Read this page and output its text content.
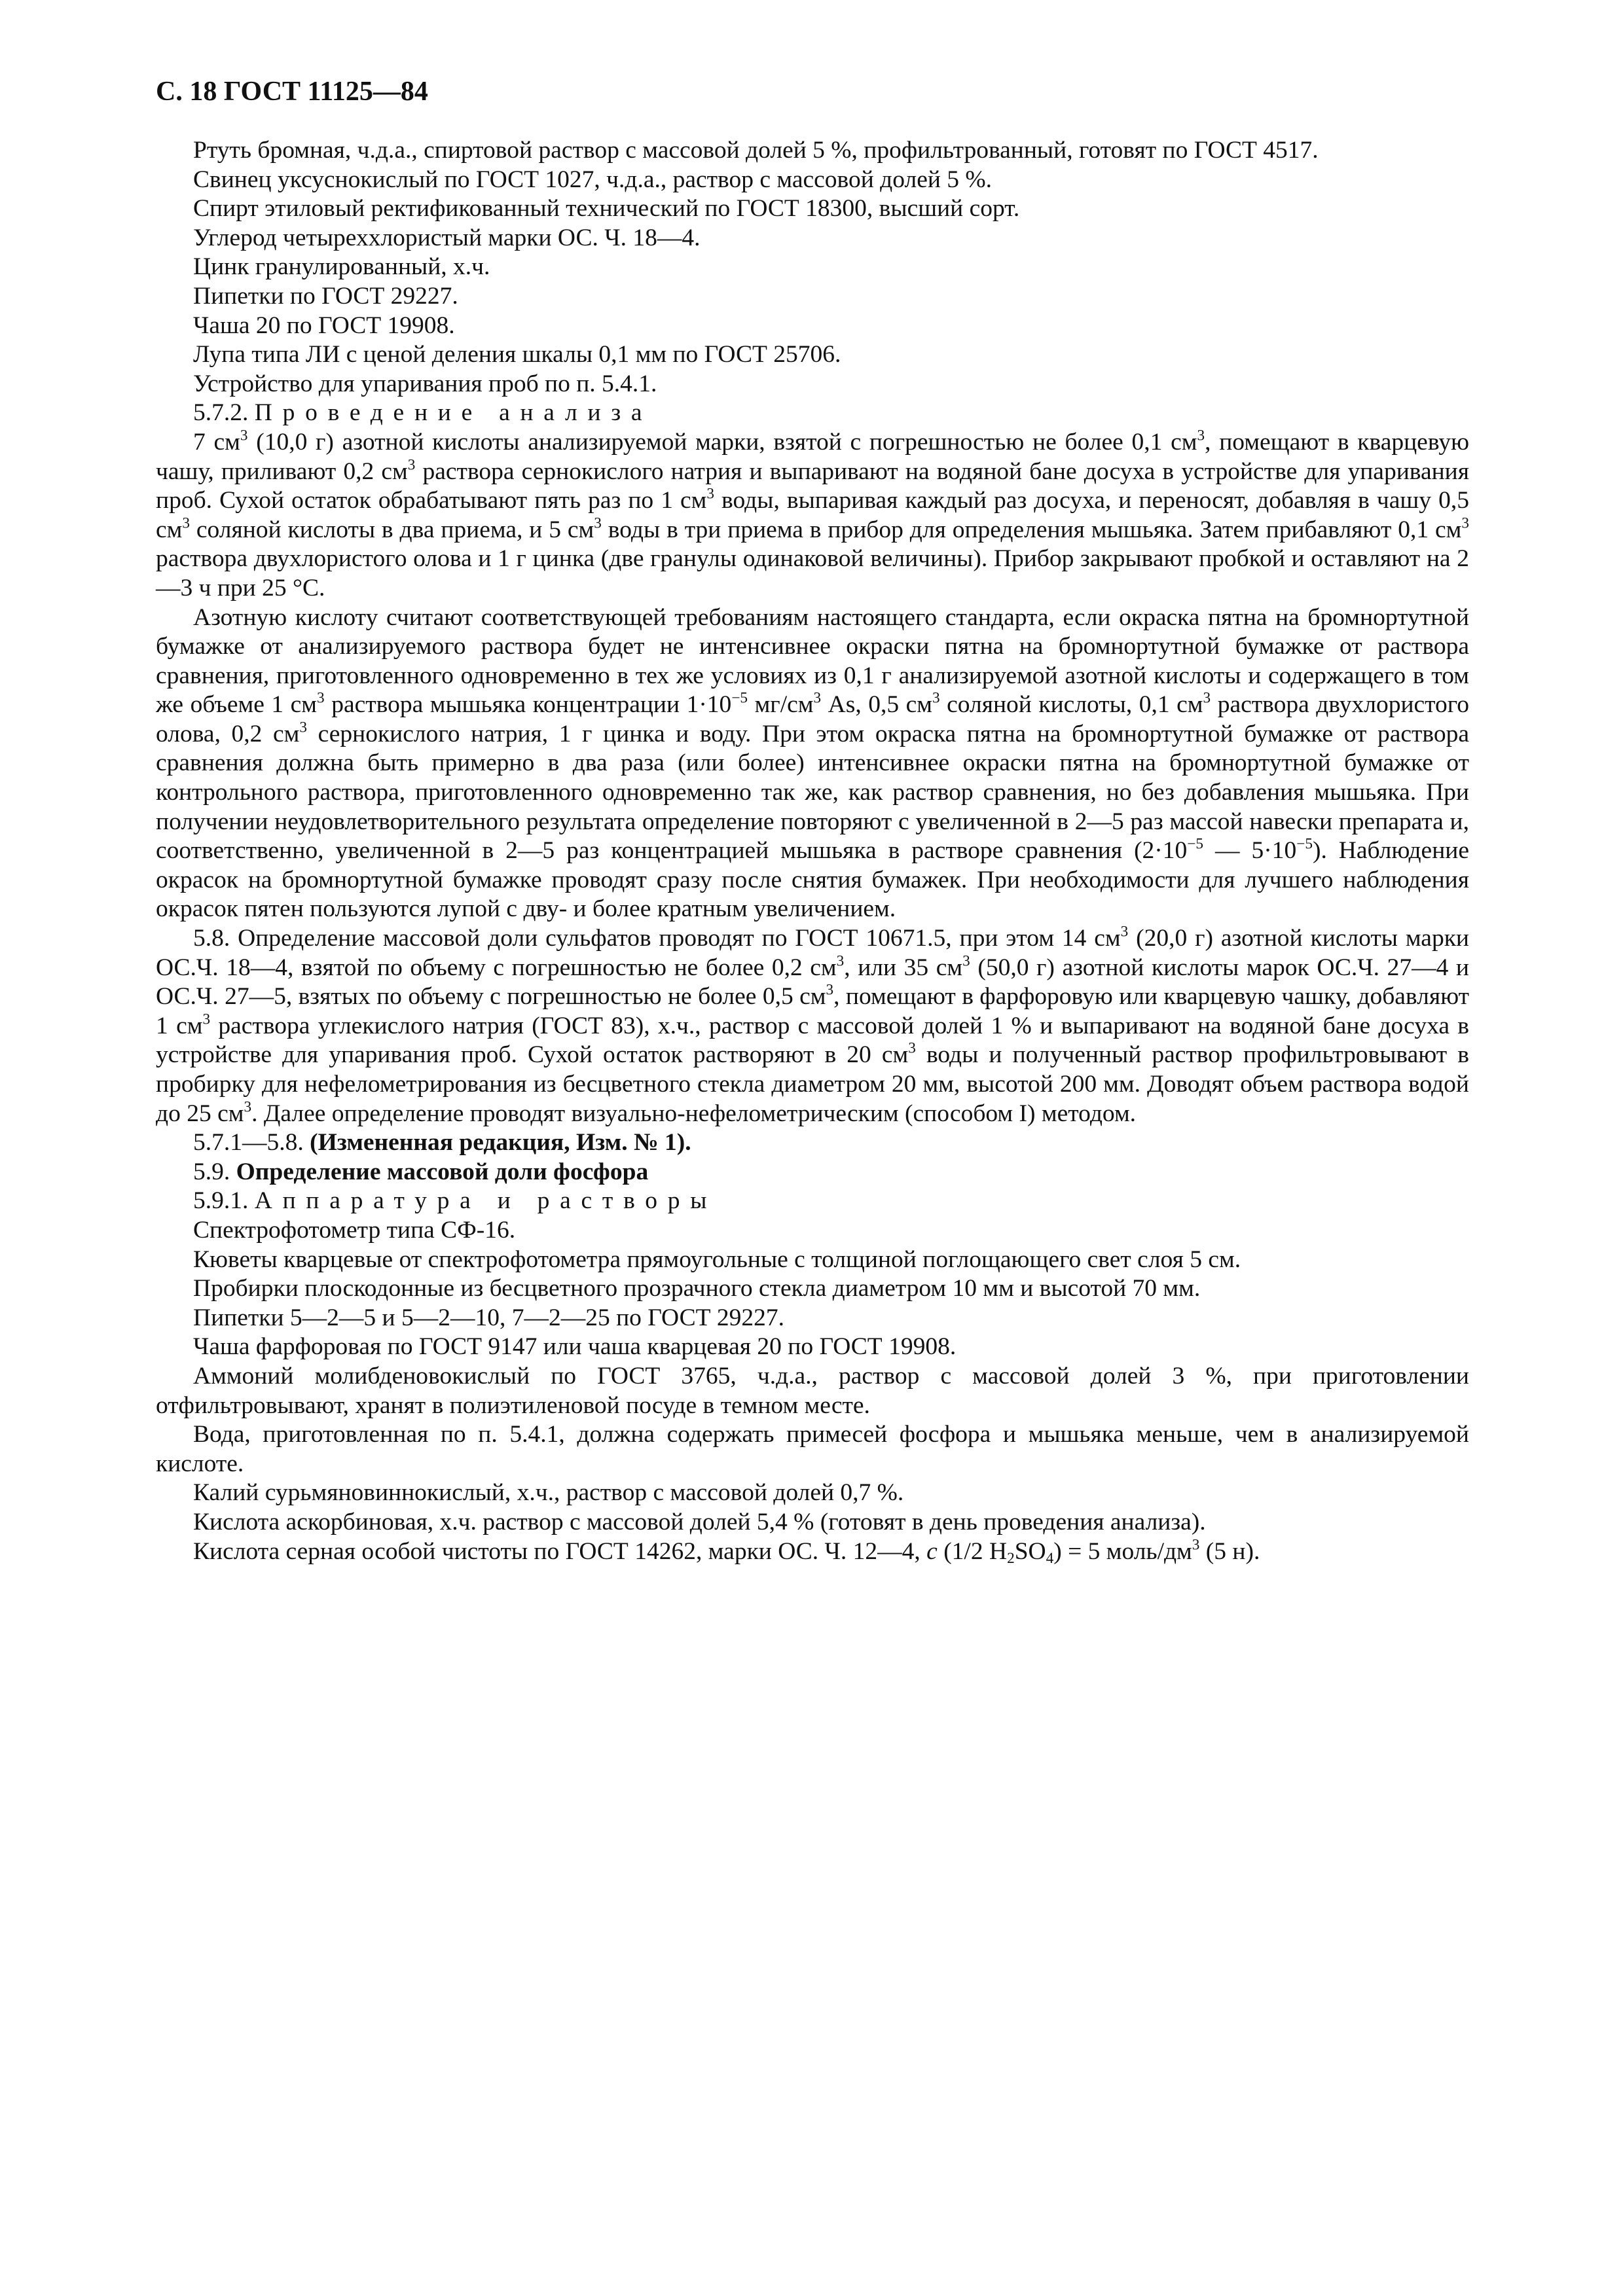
С. 18 ГОСТ 11125—84

Ртуть бромная, ч.д.а., спиртовой раствор с массовой долей 5 %, профильтрованный, готовят по ГОСТ 4517.

Свинец уксуснокислый по ГОСТ 1027, ч.д.а., раствор с массовой долей 5 %.

Спирт этиловый ректификованный технический по ГОСТ 18300, высший сорт.

Углерод четыреххлористый марки ОС. Ч. 18—4.

Цинк гранулированный, х.ч.

Пипетки по ГОСТ 29227.

Чаша 20 по ГОСТ 19908.

Лупа типа ЛИ с ценой деления шкалы 0,1 мм по ГОСТ 25706.

Устройство для упаривания проб по п. 5.4.1.

5.7.2. Проведение анализа

7 $см^3$ (10,0 г) азотной кислоты анализируемой марки, взятой с погрешностью не более 0,1 $см^3$, помещают в кварцевую чашу, приливают 0,2 $см^3$ раствора сернокислого натрия и выпаривают на водяной бане досуха в устройстве для упаривания проб. Сухой остаток обрабатывают пять раз по 1 $см^3$ воды, выпаривая каждый раз досуха, и переносят, добавляя в чашу 0,5 $см^3$ соляной кислоты в два приема, и 5 $см^3$ воды в три приема в прибор для определения мышьяка. Затем прибавляют 0,1 $см^3$ раствора двухлористого олова и 1 г цинка (две гранулы одинаковой величины). Прибор закрывают пробкой и оставляют на 2—3 ч при 25 °С.

Азотную кислоту считают соответствующей требованиям настоящего стандарта, если окраска пятна на бромнортутной бумажке от анализируемого раствора будет не интенсивнее окраски пятна на бромнортутной бумажке от раствора сравнения, приготовленного одновременно в тех же условиях из 0,1 г анализируемой азотной кислоты и содержащего в том же объеме 1 $см^3$ раствора мышьяка концентрации $1\cdot 10^{-5}$ $мг/см^3$ As, 0,5 $см^3$ соляной кислоты, 0,1 $см^3$ раствора двухлористого олова, 0,2 $см^3$ сернокислого натрия, 1 г цинка и воду. При этом окраска пятна на бромнортутной бумажке от раствора сравнения должна быть примерно в два раза (или более) интенсивнее окраски пятна на бромнортутной бумажке от контрольного раствора, приготовленного одновременно так же, как раствор сравнения, но без добавления мышьяка. При получении неудовлетворительного результата определение повторяют с увеличенной в 2—5 раз массой навески препарата и, соответственно, увеличенной в 2—5 раз концентрацией мышьяка в растворе сравнения ($2\cdot 10^{-5}$ — $5\cdot 10^{-5}$). Наблюдение окрасок на бромнортутной бумажке проводят сразу после снятия бумажек. При необходимости для лучшего наблюдения окрасок пятен пользуются лупой с дву- и более кратным увеличением.

5.8. Определение массовой доли сульфатов проводят по ГОСТ 10671.5, при этом 14 $см^3$ (20,0 г) азотной кислоты марки ОС.Ч. 18—4, взятой по объему с погрешностью не более 0,2 $см^3$, или 35 $см^3$ (50,0 г) азотной кислоты марок ОС.Ч. 27—4 и ОС.Ч. 27—5, взятых по объему с погрешностью не более 0,5 $см^3$, помещают в фарфоровую или кварцевую чашку, добавляют 1 $см^3$ раствора углекислого натрия (ГОСТ 83), х.ч., раствор с массовой долей 1 % и выпаривают на водяной бане досуха в устройстве для упаривания проб. Сухой остаток растворяют в 20 $см^3$ воды и полученный раствор профильтровывают в пробирку для нефелометрирования из бесцветного стекла диаметром 20 мм, высотой 200 мм. Доводят объем раствора водой до 25 $см^3$. Далее определение проводят визуально-нефелометрическим (способом I) методом.

5.7.1—5.8. (Измененная редакция, Изм. № 1).

5.9. Определение массовой доли фосфора

5.9.1. Аппаратура и растворы

Спектрофотометр типа СФ-16.

Кюветы кварцевые от спектрофотометра прямоугольные с толщиной поглощающего свет слоя 5 см.

Пробирки плоскодонные из бесцветного прозрачного стекла диаметром 10 мм и высотой 70 мм.

Пипетки 5—2—5 и 5—2—10, 7—2—25 по ГОСТ 29227.

Чаша фарфоровая по ГОСТ 9147 или чаша кварцевая 20 по ГОСТ 19908.

Аммоний молибденовокислый по ГОСТ 3765, ч.д.а., раствор с массовой долей 3 %, при приготовлении отфильтровывают, хранят в полиэтиленовой посуде в темном месте.

Вода, приготовленная по п. 5.4.1, должна содержать примесей фосфора и мышьяка меньше, чем в анализируемой кислоте.

Калий сурьмяновиннокислый, х.ч., раствор с массовой долей 0,7 %.

Кислота аскорбиновая, х.ч. раствор с массовой долей 5,4 % (готовят в день проведения анализа).

Кислота серная особой чистоты по ГОСТ 14262, марки ОС. Ч. 12—4, c (1/2 $H_2SO_4) = 5$ моль/$дм^3$ (5 н).
